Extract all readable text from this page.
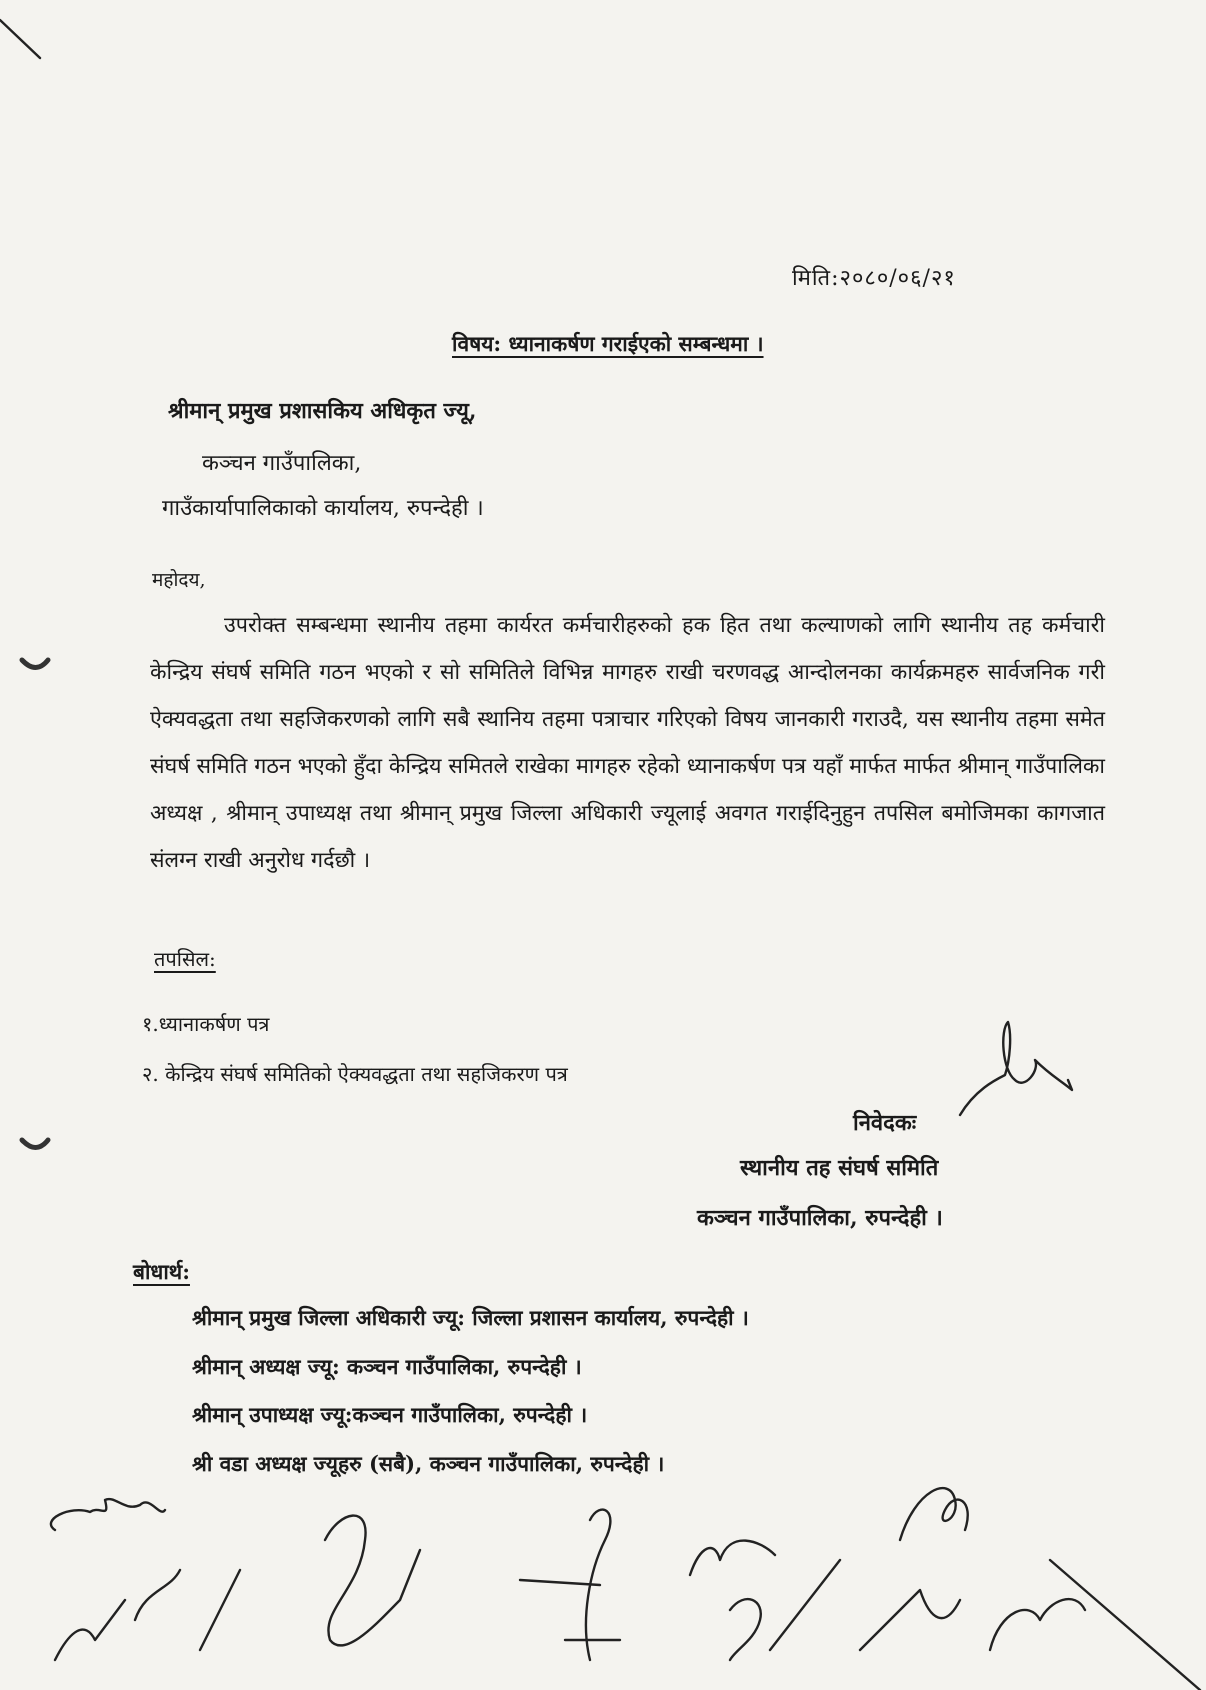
मिति:२०८०/०६/२१
विषय: ध्यानाकर्षण गराईएको सम्बन्धमा ।
श्रीमान् प्रमुख प्रशासकिय अधिकृत ज्यू,
कञ्चन गाउँपालिका,
गाउँकार्यापालिकाको कार्यालय, रुपन्देही ।
महोदय,
उपरोक्त सम्बन्धमा स्थानीय तहमा कार्यरत कर्मचारीहरुको हक हित तथा कल्याणको लागि स्थानीय तह कर्मचारी केन्द्रिय संघर्ष समिति गठन भएको र सो समितिले विभिन्न मागहरु राखी चरणवद्ध आन्दोलनका कार्यक्रमहरु सार्वजनिक गरी ऐक्यवद्धता तथा सहजिकरणको लागि सबै स्थानिय तहमा पत्राचार गरिएको विषय जानकारी गराउदै, यस स्थानीय तहमा समेत संघर्ष समिति गठन भएको हुँदा केन्द्रिय समितले राखेका मागहरु रहेको ध्यानाकर्षण पत्र यहाँ मार्फत मार्फत श्रीमान् गाउँपालिका अध्यक्ष , श्रीमान् उपाध्यक्ष तथा श्रीमान् प्रमुख जिल्ला अधिकारी ज्यूलाई अवगत गराईदिनुहुन तपसिल बमोजिमका कागजात संलग्न राखी अनुरोध गर्दछौ ।
तपसिल:
१.ध्यानाकर्षण पत्र
२. केन्द्रिय संघर्ष समितिको ऐक्यवद्धता तथा सहजिकरण पत्र
निवेदकः
स्थानीय तह संघर्ष समिति
कञ्चन गाउँपालिका, रुपन्देही ।
बोधार्थ:
श्रीमान् प्रमुख जिल्ला अधिकारी ज्यू: जिल्ला प्रशासन कार्यालय, रुपन्देही ।
श्रीमान् अध्यक्ष ज्यू: कञ्चन गाउँपालिका, रुपन्देही ।
श्रीमान् उपाध्यक्ष ज्यू:कञ्चन गाउँपालिका, रुपन्देही ।
श्री वडा अध्यक्ष ज्यूहरु (सबै), कञ्चन गाउँपालिका, रुपन्देही ।
